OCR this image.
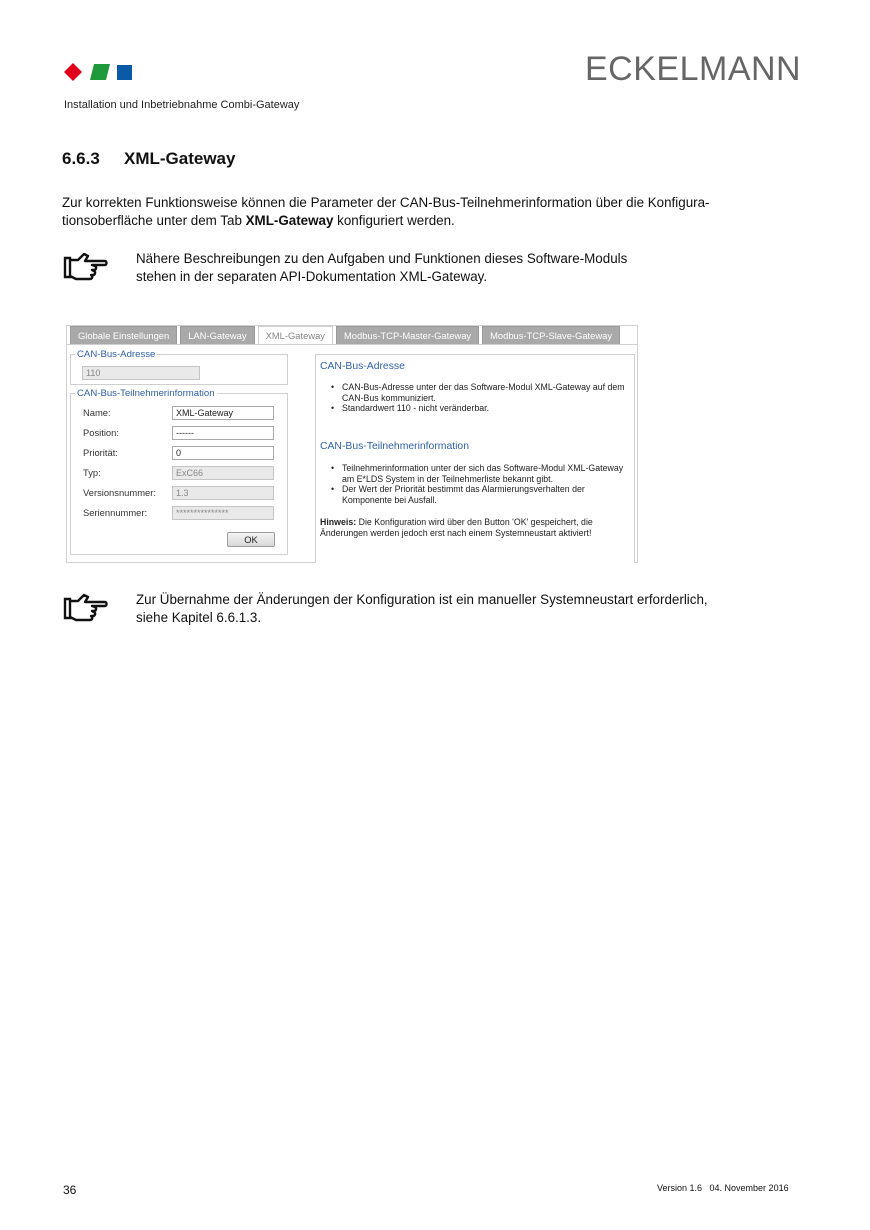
ECKELMANN
Installation und Inbetriebnahme Combi-Gateway
6.6.3 XML-Gateway
Zur korrekten Funktionsweise können die Parameter der CAN-Bus-Teilnehmerinformation über die Konfigura-tionsoberfläche unter dem Tab XML-Gateway konfiguriert werden.
Nähere Beschreibungen zu den Aufgaben und Funktionen dieses Software-Moduls
stehen in der separaten API-Dokumentation XML-Gateway.
Globale Einstellungen	LAN-Gateway	XML-Gateway	Modbus-TCP-Master-Gateway	Modbus-TCP-Slave-Gateway
CAN-Bus-Adresse
110
CAN-Bus-Teilnehmerinformation
Name:	XML-Gateway
Position:	------
Priorität:	0
Typ:	ExC66
Versionsnummer:	1.3
Seriennummer:	***************
OK
CAN-Bus-Adresse
• CAN-Bus-Adresse unter der das Software-Modul XML-Gateway auf dem CAN-Bus kommuniziert.
• Standardwert 110 - nicht veränderbar.
CAN-Bus-Teilnehmerinformation
• Teilnehmerinformation unter der sich das Software-Modul XML-Gateway am E*LDS System in der Teilnehmerliste bekannt gibt.
• Der Wert der Priorität bestimmt das Alarmierungsverhalten der Komponente bei Ausfall.
Hinweis: Die Konfiguration wird über den Button 'OK' gespeichert, die Änderungen werden jedoch erst nach einem Systemneustart aktiviert!
Zur Übernahme der Änderungen der Konfiguration ist ein manueller Systemneustart erforderlich,
siehe Kapitel 6.6.1.3.
36	Version 1.6   04. November 2016
